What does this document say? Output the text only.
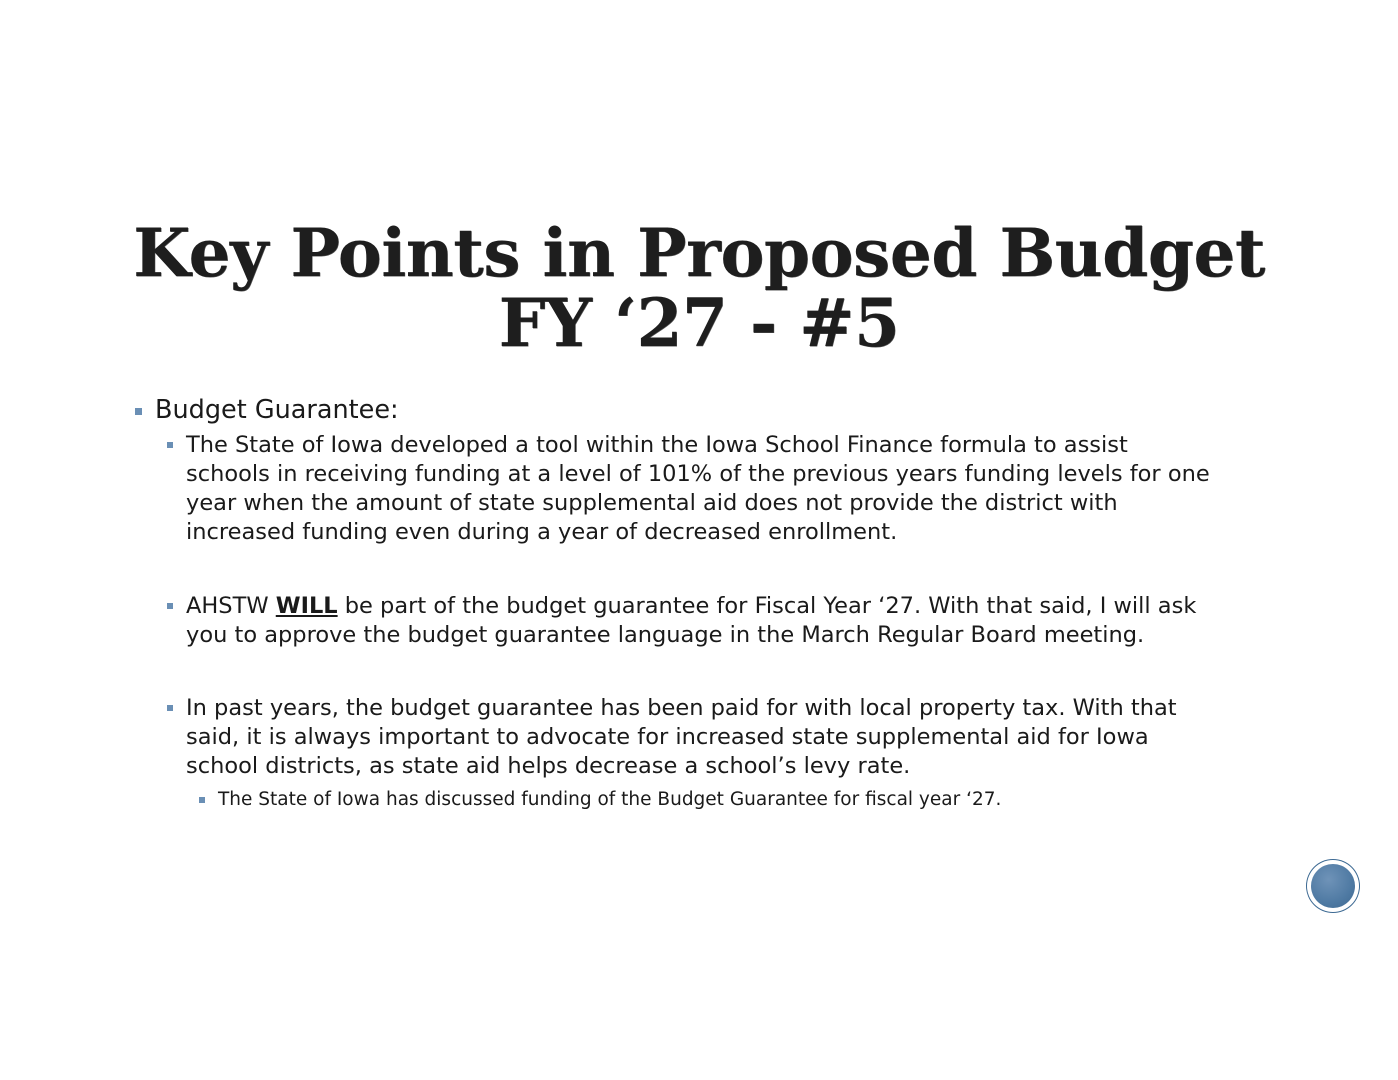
Key Points in Proposed Budget
FY ‘27 - #5

Budget Guarantee:

The State of Iowa developed a tool within the Iowa School Finance formula to assist
schools in receiving funding at a level of 101% of the previous years funding levels for one
year when the amount of state supplemental aid does not provide the district with
increased funding even during a year of decreased enrollment.

AHSTW WILL be part of the budget guarantee for Fiscal Year ‘27. With that said, I will ask
you to approve the budget guarantee language in the March Regular Board meeting.

In past years, the budget guarantee has been paid for with local property tax. With that
said, it is always important to advocate for increased state supplemental aid for Iowa
school districts, as state aid helps decrease a school’s levy rate.

The State of Iowa has discussed funding of the Budget Guarantee for fiscal year ‘27.
